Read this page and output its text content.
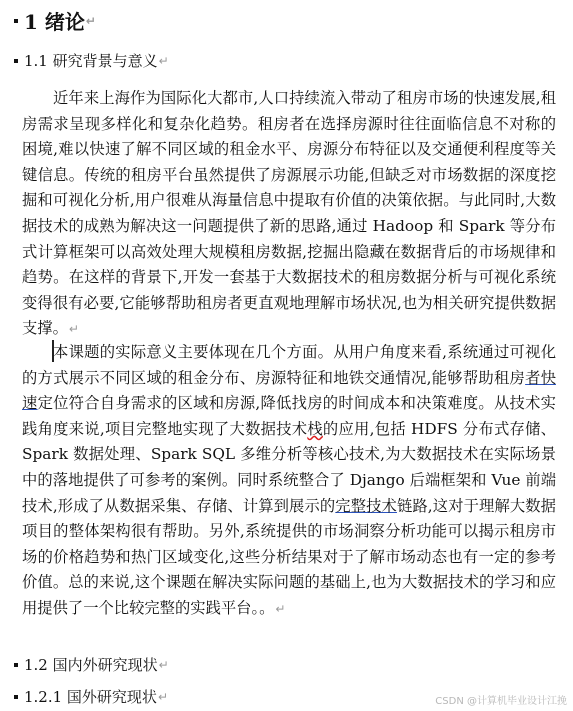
1 绪论 ↵
1.1 研究背景与意义 ↵

近年来上海作为国际化大都市,人口持续流入带动了租房市场的快速发展,租房需求呈现多样化和复杂化趋势。租房者在选择房源时往往面临信息不对称的困境,难以快速了解不同区域的租金水平、房源分布特征以及交通便利程度等关键信息。传统的租房平台虽然提供了房源展示功能,但缺乏对市场数据的深度挖掘和可视化分析,用户很难从海量信息中提取有价值的决策依据。与此同时,大数据技术的成熟为解决这一问题提供了新的思路,通过 Hadoop 和 Spark 等分布式计算框架可以高效处理大规模租房数据,挖掘出隐藏在数据背后的市场规律和趋势。在这样的背景下,开发一套基于大数据技术的租房数据分析与可视化系统变得很有必要,它能够帮助租房者更直观地理解市场状况,也为相关研究提供数据支撑。↵

本课题的实际意义主要体现在几个方面。从用户角度来看,系统通过可视化的方式展示不同区域的租金分布、房源特征和地铁交通情况,能够帮助租房者快速定位符合自身需求的区域和房源,降低找房的时间成本和决策难度。从技术实践角度来说,项目完整地实现了大数据技术栈的应用,包括 HDFS 分布式存储、Spark 数据处理、Spark SQL 多维分析等核心技术,为大数据技术在实际场景中的落地提供了可参考的案例。同时系统整合了 Django 后端框架和 Vue 前端技术,形成了从数据采集、存储、计算到展示的完整技术链路,这对于理解大数据项目的整体架构很有帮助。另外,系统提供的市场洞察分析功能可以揭示租房市场的价格趋势和热门区域变化,这些分析结果对于了解市场动态也有一定的参考价值。总的来说,这个课题在解决实际问题的基础上,也为大数据技术的学习和应用提供了一个比较完整的实践平台。。↵

1.2 国内外研究现状 ↵
1.2.1 国外研究现状 ↵	CSDN @计算机毕业设计江挽
